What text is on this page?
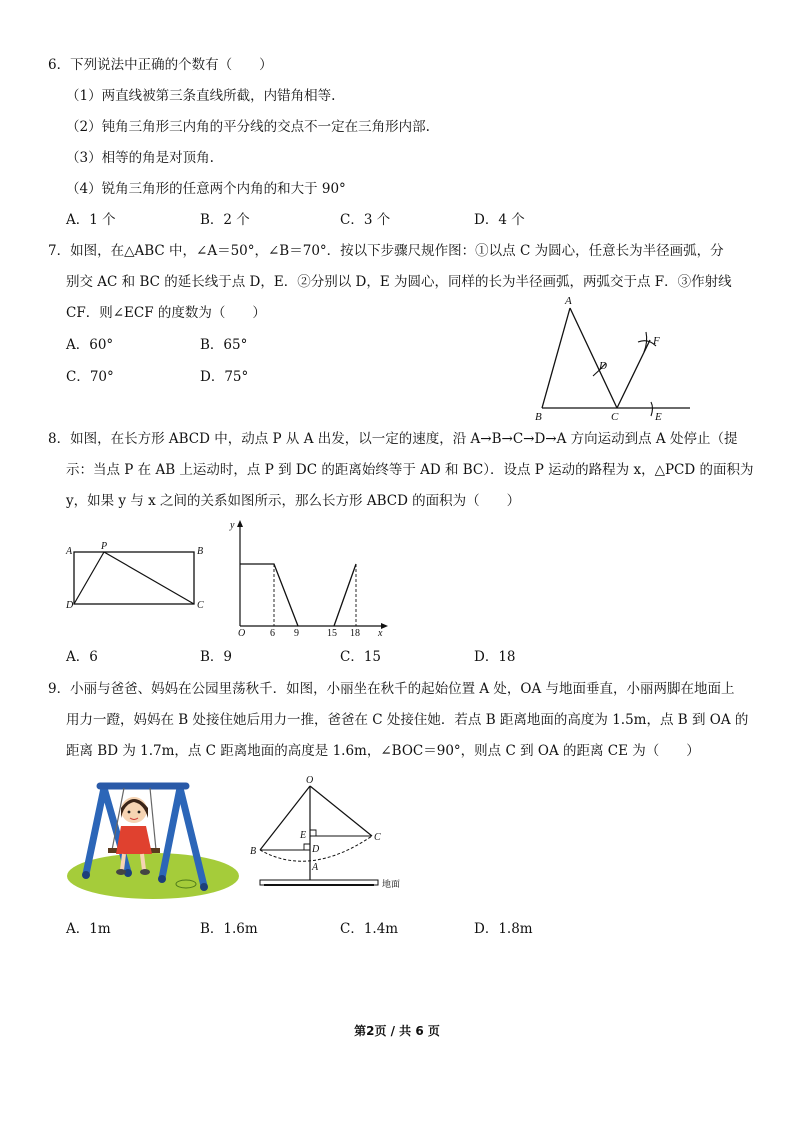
6．下列说法中正确的个数有（　　）
（1）两直线被第三条直线所截，内错角相等.
（2）钝角三角形三内角的平分线的交点不一定在三角形内部.
（3）相等的角是对顶角.
（4）锐角三角形的任意两个内角的和大于 90°
A．1 个	B．2 个	C．3 个	D．4 个
7．如图，在△ABC 中，∠A＝50°，∠B＝70°．按以下步骤尺规作图：①以点 C 为圆心，任意长为半径画弧，分
别交 AC 和 BC 的延长线于点 D，E．②分别以 D，E 为圆心，同样的长为半径画弧，两弧交于点 F．③作射线
CF．则∠ECF 的度数为（　　）
A．60°	B．65°
C．70°	D．75°
A
B	C
D
E
F
8．如图，在长方形 ABCD 中，动点 P 从 A 出发，以一定的速度，沿 A→B→C→D→A 方向运动到点 A 处停止（提
示：当点 P 在 AB 上运动时，点 P 到 DC 的距离始终等于 AD 和 BC）．设点 P 运动的路程为 x，△PCD 的面积为
y，如果 y 与 x 之间的关系如图所示，那么长方形 ABCD 的面积为（　　）
A	P	B
D	C
y
x
O 6 9	15 18
A．6	B．9	C．15	D．18
9．小丽与爸爸、妈妈在公园里荡秋千．如图，小丽坐在秋千的起始位置 A 处，OA 与地面垂直，小丽两脚在地面上
用力一蹬，妈妈在 B 处接住她后用力一推，爸爸在 C 处接住她．若点 B 距离地面的高度为 1.5m，点 B 到 OA 的
距离 BD 为 1.7m，点 C 距离地面的高度是 1.6m，∠BOC＝90°，则点 C 到 OA 的距离 CE 为（　　）
O
E
D
B
C
A
地面
A．1m	B．1.6m	C．1.4m	D．1.8m
第2页 / 共 6 页
